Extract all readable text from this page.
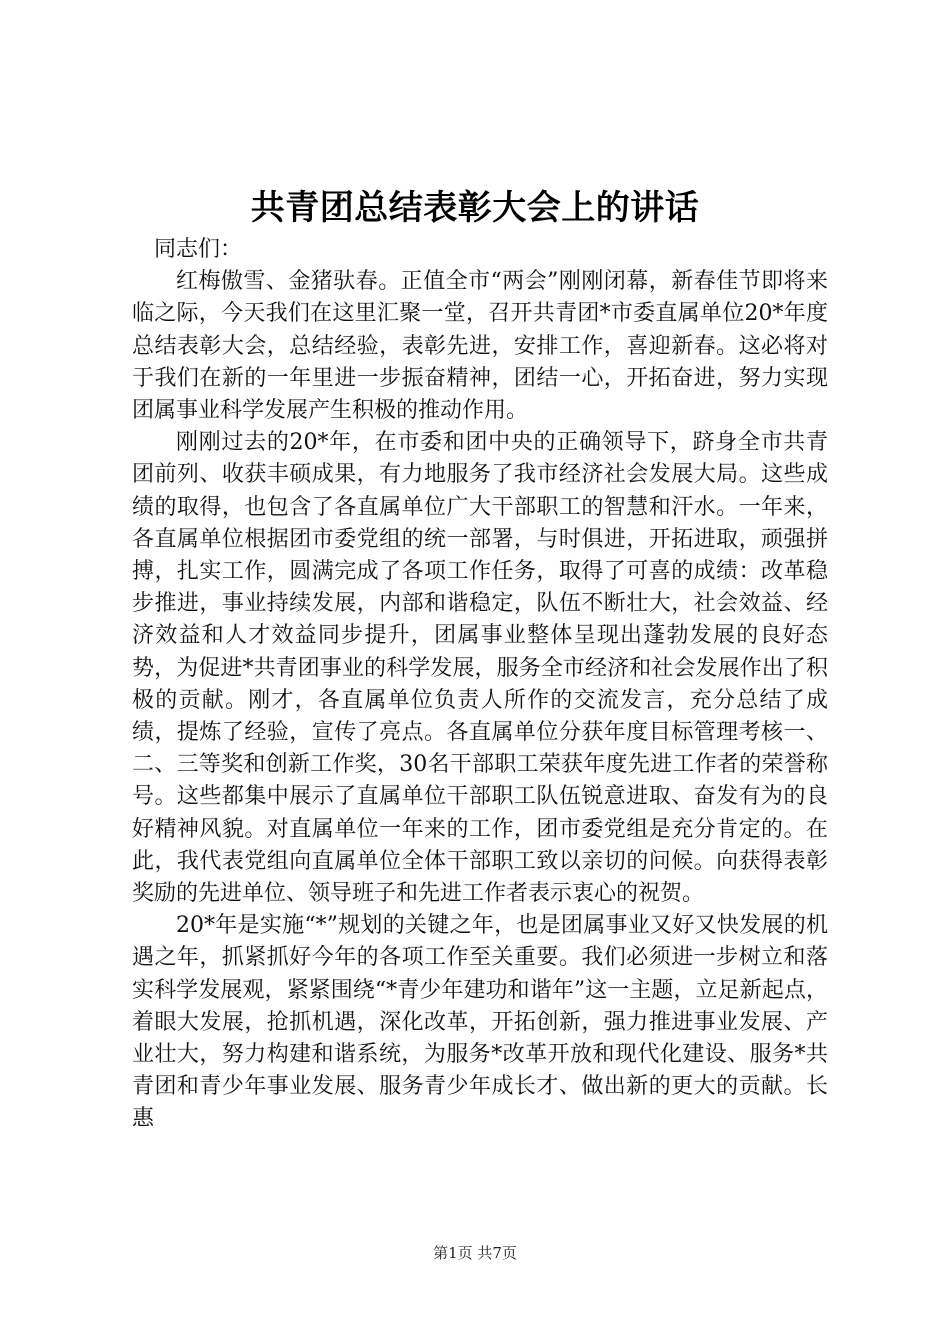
共青团总结表彰大会上的讲话

同志们：

红梅傲雪、金猪驮春。正值全市“两会”刚刚闭幕，新春佳节即将来临之际，今天我们在这里汇聚一堂，召开共青团*市委直属单位20*年度总结表彰大会，总结经验，表彰先进，安排工作，喜迎新春。这必将对于我们在新的一年里进一步振奋精神，团结一心，开拓奋进，努力实现团属事业科学发展产生积极的推动作用。

刚刚过去的20*年，在市委和团中央的正确领导下，跻身全市共青团前列、收获丰硕成果，有力地服务了我市经济社会发展大局。这些成绩的取得，也包含了各直属单位广大干部职工的智慧和汗水。一年来，各直属单位根据团市委党组的统一部署，与时俱进，开拓进取，顽强拼搏，扎实工作，圆满完成了各项工作任务，取得了可喜的成绩：改革稳步推进，事业持续发展，内部和谐稳定，队伍不断壮大，社会效益、经济效益和人才效益同步提升，团属事业整体呈现出蓬勃发展的良好态势，为促进*共青团事业的科学发展，服务全市经济和社会发展作出了积极的贡献。刚才，各直属单位负责人所作的交流发言，充分总结了成绩，提炼了经验，宣传了亮点。各直属单位分获年度目标管理考核一、二、三等奖和创新工作奖，30名干部职工荣获年度先进工作者的荣誉称号。这些都集中展示了直属单位干部职工队伍锐意进取、奋发有为的良好精神风貌。对直属单位一年来的工作，团市委党组是充分肯定的。在此，我代表党组向直属单位全体干部职工致以亲切的问候。向获得表彰奖励的先进单位、领导班子和先进工作者表示衷心的祝贺。

20*年是实施“*”规划的关键之年，也是团属事业又好又快发展的机遇之年，抓紧抓好今年的各项工作至关重要。我们必须进一步树立和落实科学发展观，紧紧围绕“*青少年建功和谐年”这一主题，立足新起点，着眼大发展，抢抓机遇，深化改革，开拓创新，强力推进事业发展、产业壮大，努力构建和谐系统，为服务*改革开放和现代化建设、服务*共青团和青少年事业发展、服务青少年成长才、做出新的更大的贡献。长惠

第1页 共7页
